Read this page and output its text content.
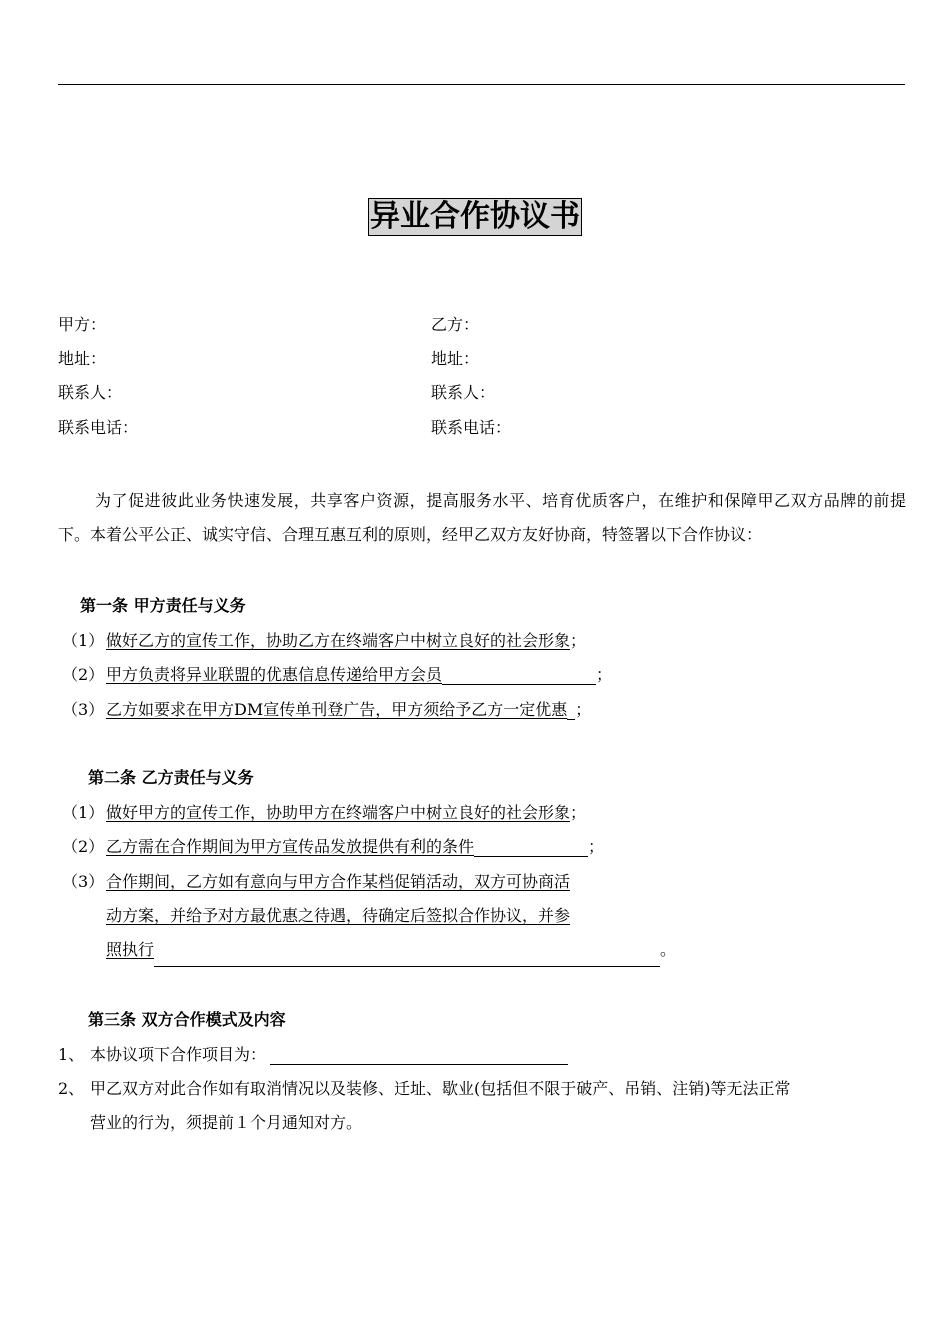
异业合作协议书
甲方：	乙方：
地址：	地址：
联系人：	联系人：
联系电话：	联系电话：
为了促进彼此业务快速发展，共享客户资源，提高服务水平、培育优质客户，在维护和保障甲乙双方品牌的前提下。本着公平公正、诚实守信、合理互惠互利的原则，经甲乙双方友好协商，特签署以下合作协议：
第一条 甲方责任与义务
（1） 做好乙方的宣传工作，协助乙方在终端客户中树立良好的社会形象；
（2） 甲方负责将异业联盟的优惠信息传递给甲方会员	；
（3） 乙方如要求在甲方DM宣传单刊登广告，甲方须给予乙方一定优惠 ；
第二条 乙方责任与义务
（1） 做好甲方的宣传工作，协助甲方在终端客户中树立良好的社会形象；
（2） 乙方需在合作期间为甲方宣传品发放提供有利的条件	；
（3） 合作期间，乙方如有意向与甲方合作某档促销活动，双方可协商活
动方案，并给予对方最优惠之待遇，待确定后签拟合作协议，并参
照执行	。
第三条 双方合作模式及内容
1、 本协议项下合作项目为：
2、 甲乙双方对此合作如有取消情况以及装修、迁址、歇业(包括但不限于破产、吊销、注销)等无法正常
营业的行为，须提前１个月通知对方。
